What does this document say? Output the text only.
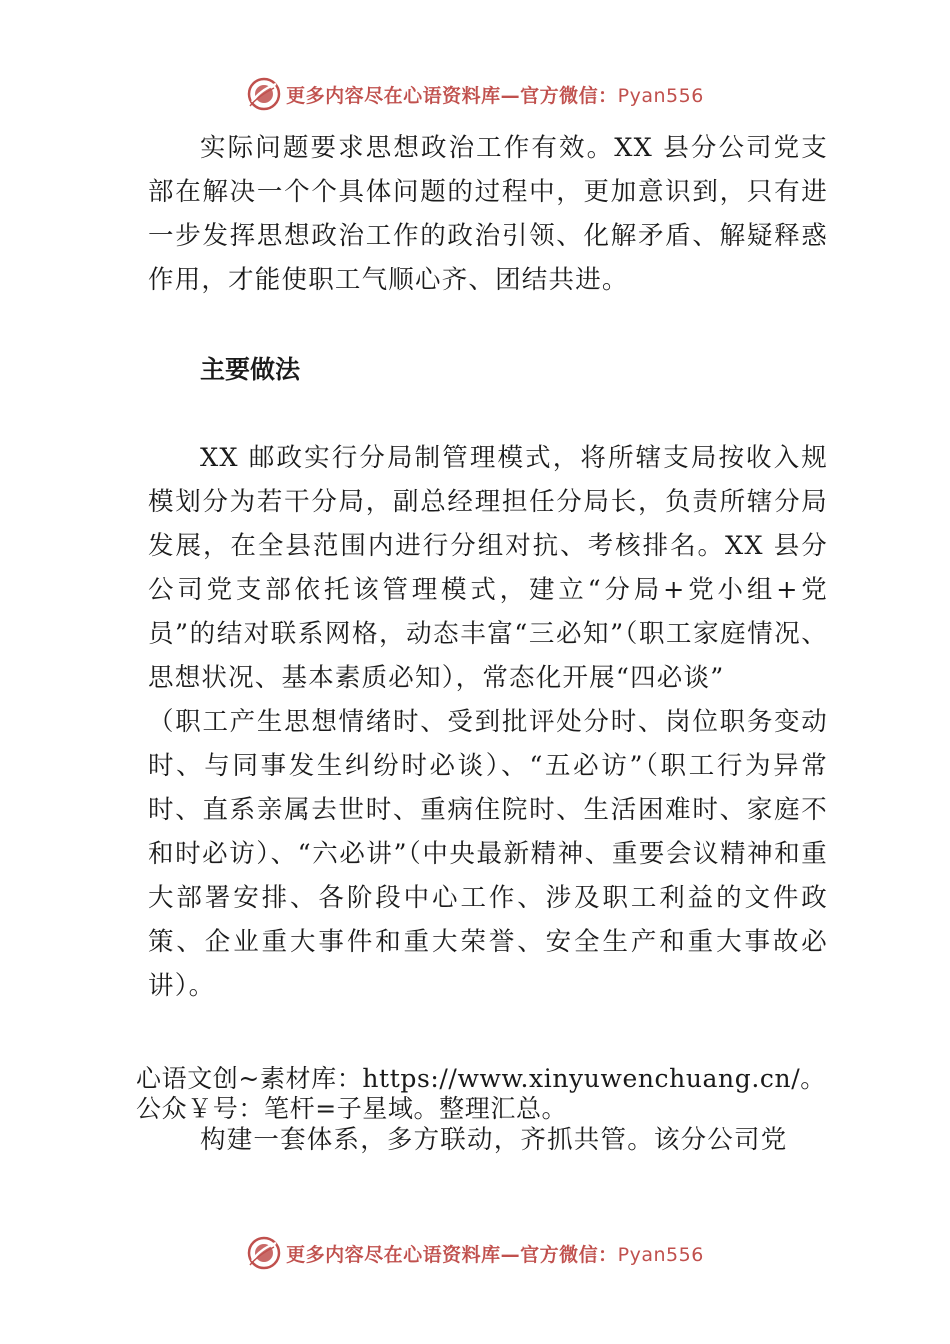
更多内容尽在心语资料库—官方微信：Pyan556

实际问题要求思想政治工作有效。XX 县分公司党支部在解决一个个具体问题的过程中，更加意识到，只有进一步发挥思想政治工作的政治引领、化解矛盾、解疑释惑作用，才能使职工气顺心齐、团结共进。

主要做法

XX 邮政实行分局制管理模式，将所辖支局按收入规模划分为若干分局，副总经理担任分局长，负责所辖分局发展，在全县范围内进行分组对抗、考核排名。XX 县分公司党支部依托该管理模式，建立“分局+党小组+党员”的结对联系网格，动态丰富“三必知”（职工家庭情况、思想状况、基本素质必知），常态化开展“四必谈”

（职工产生思想情绪时、受到批评处分时、岗位职务变动时、与同事发生纠纷时必谈）、“五必访”（职工行为异常时、直系亲属去世时、重病住院时、生活困难时、家庭不和时必访）、“六必讲”（中央最新精神、重要会议精神和重大部署安排、各阶段中心工作、涉及职工利益的文件政策、企业重大事件和重大荣誉、安全生产和重大事故必讲）。

心语文创~素材库：https://www.xinyuwenchuang.cn/。公众￥号：笔杆=子星域。整理汇总。

构建一套体系，多方联动，齐抓共管。该分公司党

更多内容尽在心语资料库—官方微信：Pyan556
